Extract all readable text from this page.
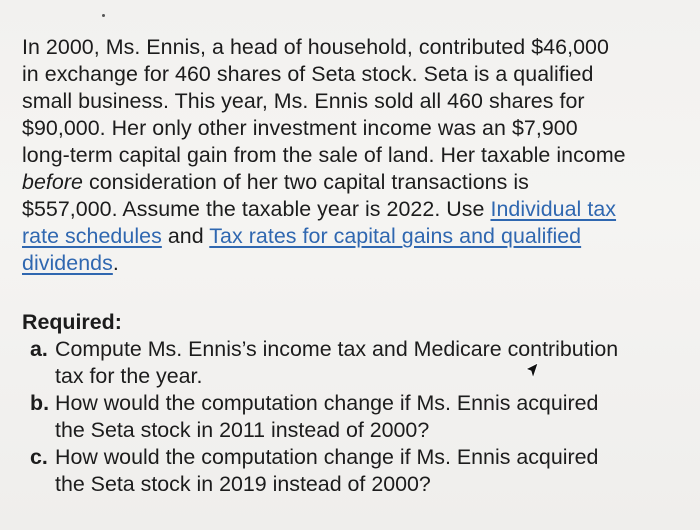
In 2000, Ms. Ennis, a head of household, contributed $46,000
in exchange for 460 shares of Seta stock. Seta is a qualified
small business. This year, Ms. Ennis sold all 460 shares for
$90,000. Her only other investment income was an $7,900
long-term capital gain from the sale of land. Her taxable income
before consideration of her two capital transactions is
$557,000. Assume the taxable year is 2022. Use Individual tax
rate schedules and Tax rates for capital gains and qualified
dividends.
Required:
a. Compute Ms. Ennis’s income tax and Medicare contribution
tax for the year.
b. How would the computation change if Ms. Ennis acquired
the Seta stock in 2011 instead of 2000?
c. How would the computation change if Ms. Ennis acquired
the Seta stock in 2019 instead of 2000?
